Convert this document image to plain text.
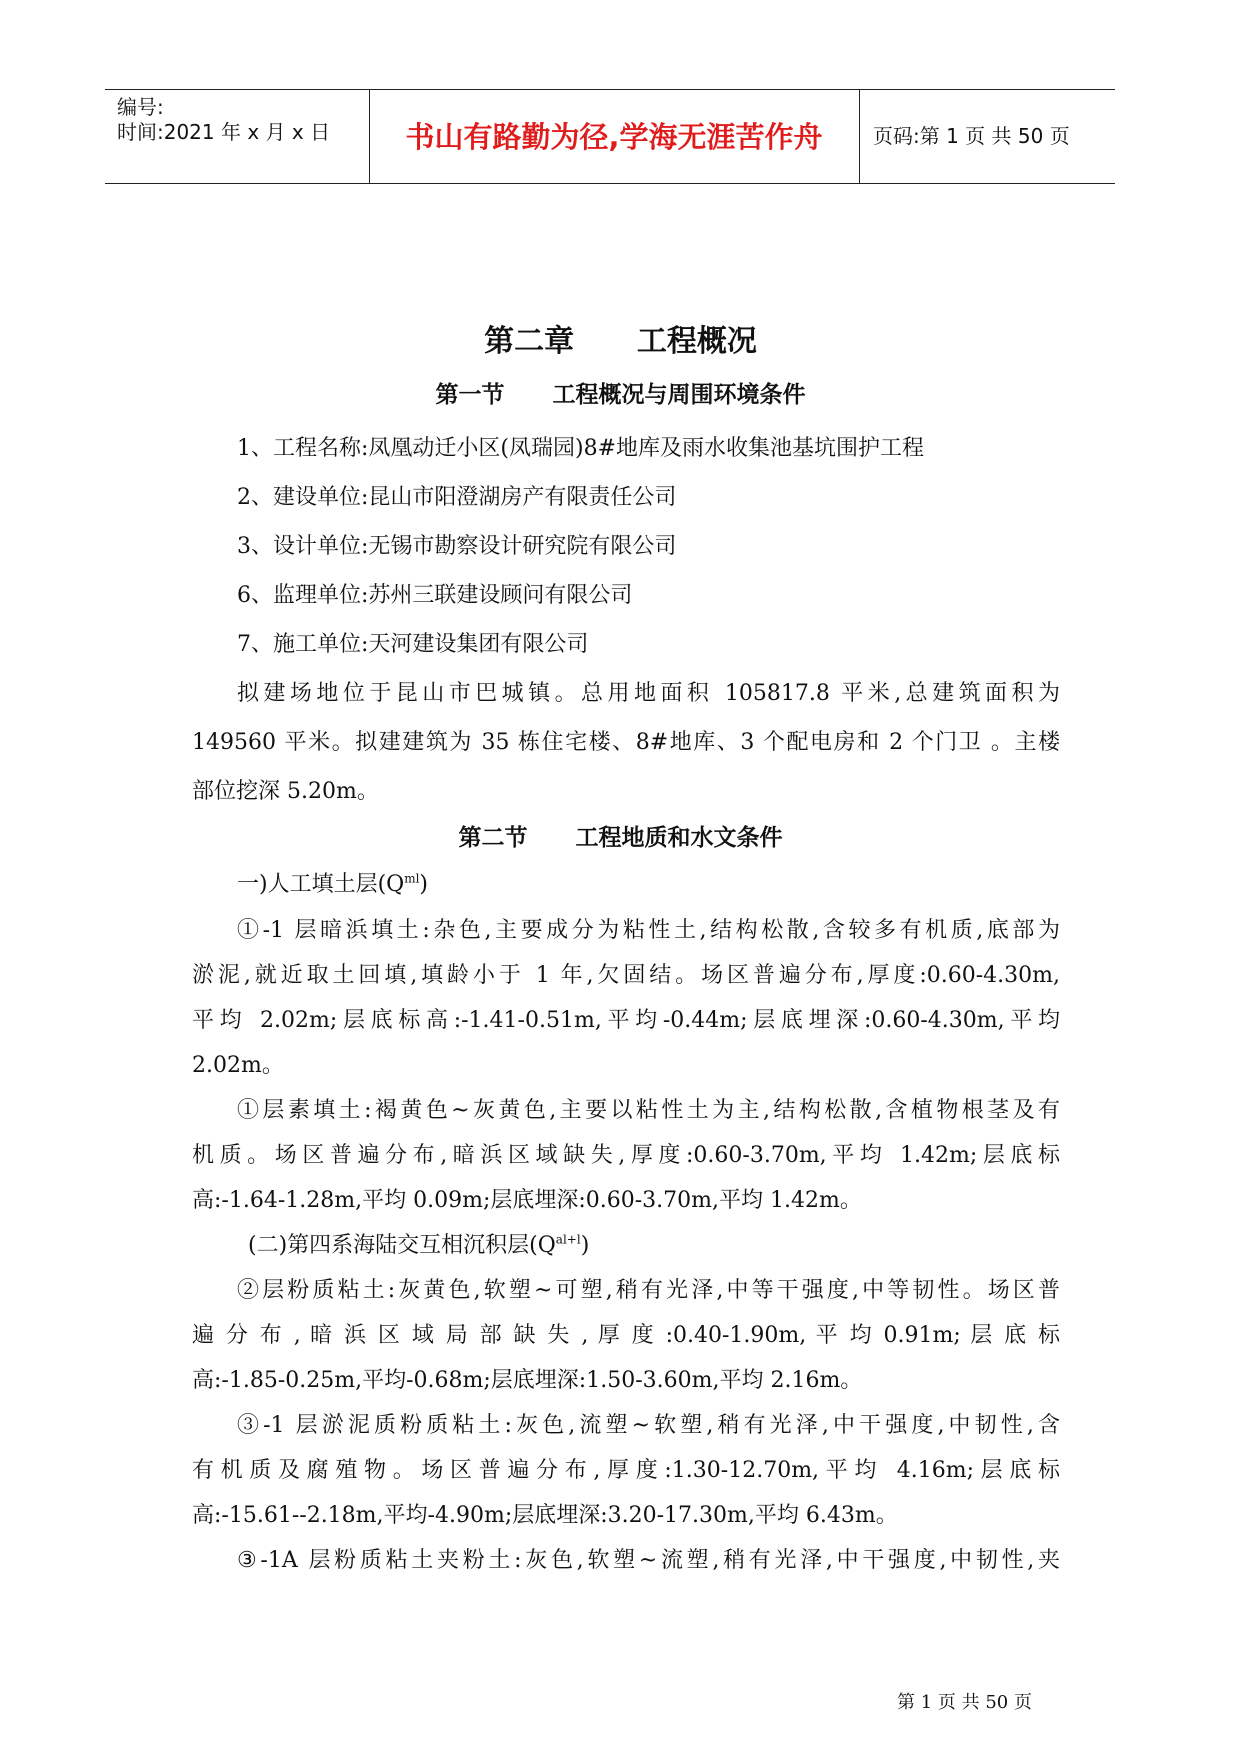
编号:
时间:2021 年 x 月 x 日	书山有路勤为径,学海无涯苦作舟	页码:第 1 页 共 50 页
第二章      工程概况
第一节      工程概况与周围环境条件
1、工程名称:凤凰动迁小区(凤瑞园)8#地库及雨水收集池基坑围护工程
2、建设单位:昆山市阳澄湖房产有限责任公司
3、设计单位:无锡市勘察设计研究院有限公司
6、监理单位:苏州三联建设顾问有限公司
7、施工单位:天河建设集团有限公司
拟建场地位于昆山市巴城镇。总用地面积 105817.8 平米,总建筑面积为
149560 平米。拟建建筑为 35 栋住宅楼、8#地库、3 个配电房和 2 个门卫 。主楼
部位挖深 5.20m。
第二节      工程地质和水文条件
一)人工填土层$(Q^{ml})$
①-1 层暗浜填土:杂色,主要成分为粘性土,结构松散,含较多有机质,底部为
淤泥,就近取土回填,填龄小于 1 年,欠固结。场区普遍分布,厚度:0.60-4.30m,
平均 2.02m;层底标高:-1.41-0.51m,平均-0.44m;层底埋深:0.60-4.30m,平均
2.02m。
①层素填土:褐黄色~灰黄色,主要以粘性土为主,结构松散,含植物根茎及有
机质。场区普遍分布,暗浜区域缺失,厚度:0.60-3.70m,平均 1.42m;层底标
高:-1.64-1.28m,平均 0.09m;层底埋深:0.60-3.70m,平均 1.42m。
(二)第四系海陆交互相沉积层$(Q^{al+l})$
②层粉质粘土:灰黄色,软塑~可塑,稍有光泽,中等干强度,中等韧性。场区普
遍 分 布 , 暗 浜 区 域 局 部 缺 失 , 厚 度 :0.40-1.90m, 平 均 0.91m; 层 底 标
高:-1.85-0.25m,平均-0.68m;层底埋深:1.50-3.60m,平均 2.16m。
③-1 层淤泥质粉质粘土:灰色,流塑~软塑,稍有光泽,中干强度,中韧性,含
有机质及腐殖物。场区普遍分布,厚度:1.30-12.70m,平均 4.16m;层底标
高:-15.61--2.18m,平均-4.90m;层底埋深:3.20-17.30m,平均 6.43m。
③-1A 层粉质粘土夹粉土:灰色,软塑~流塑,稍有光泽,中干强度,中韧性,夹
第 1 页 共 50 页
